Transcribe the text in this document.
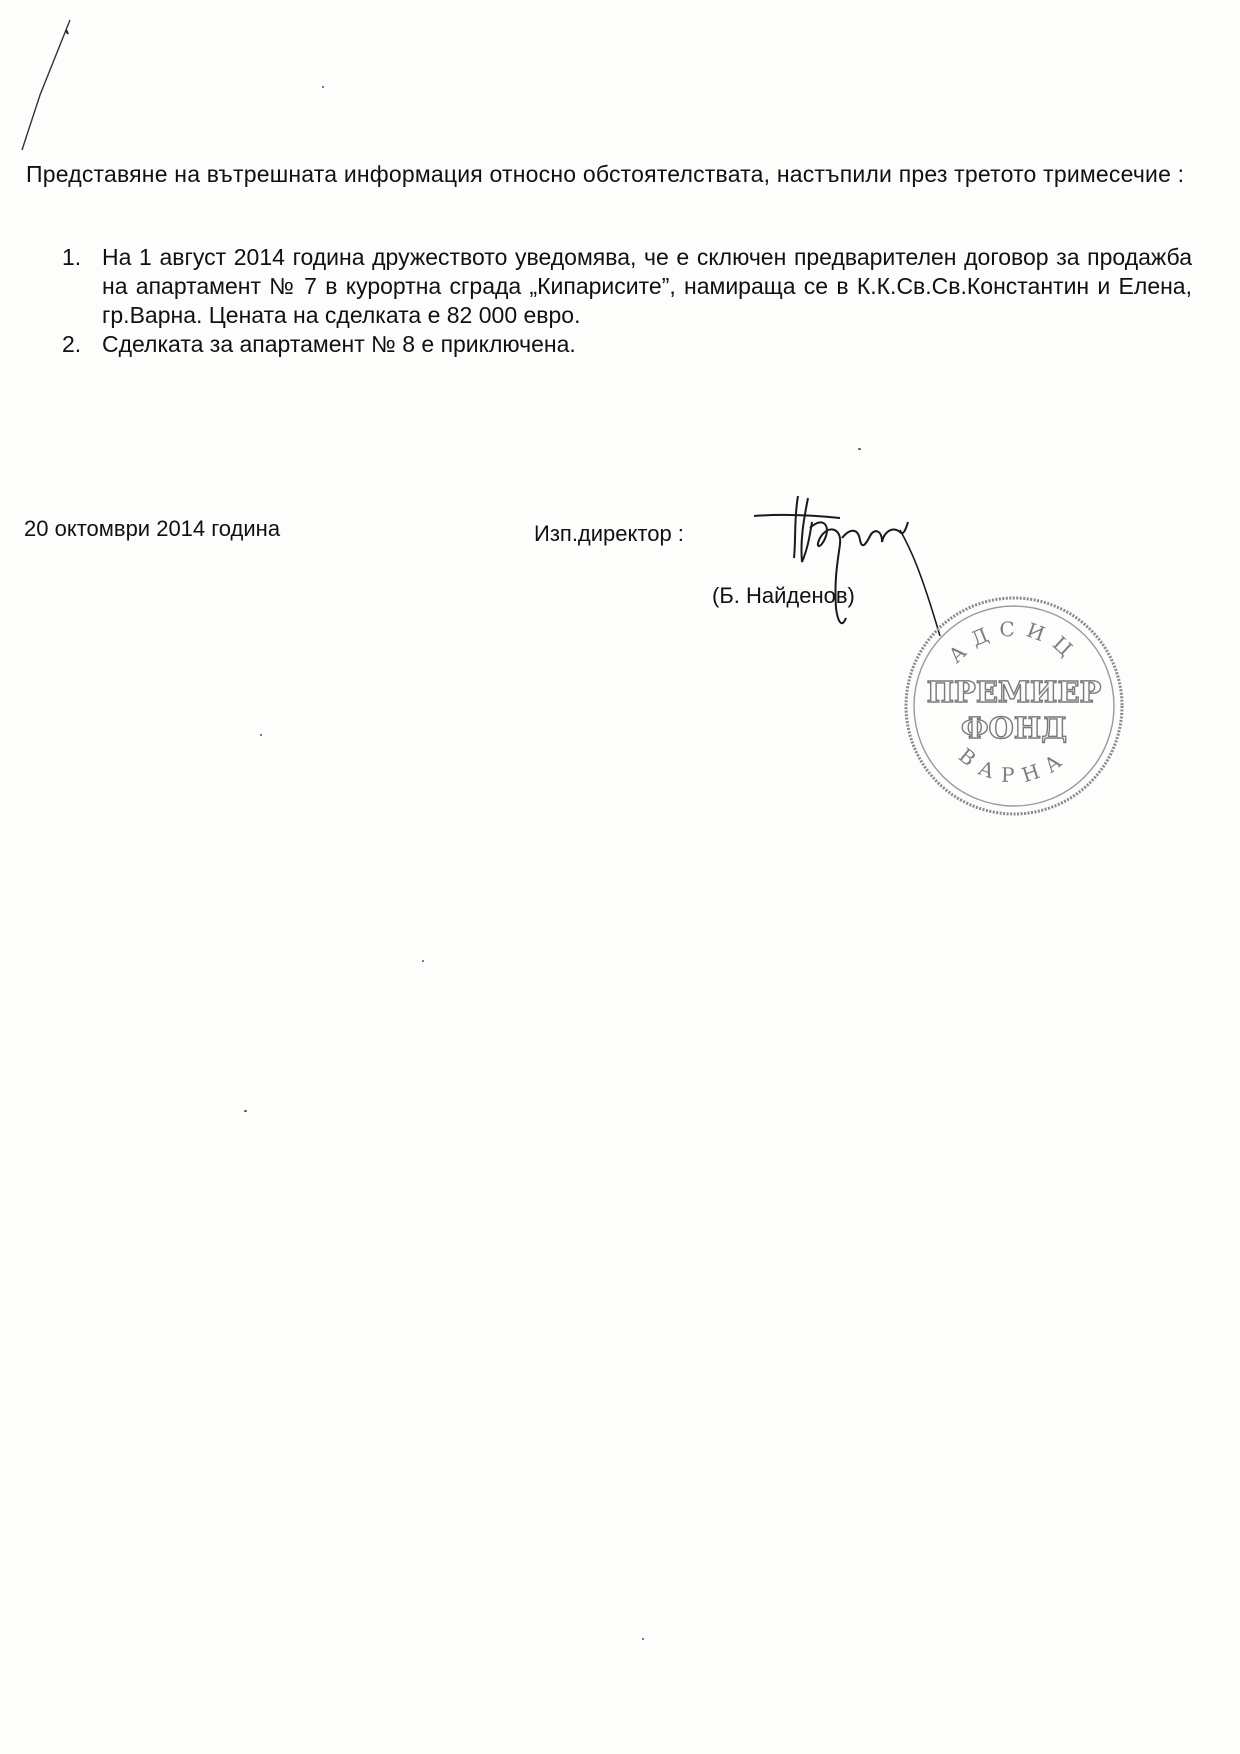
Представяне на вътрешната информация относно обстоятелствата, настъпили през третото тримесечие :
1. На 1 август 2014 година дружеството уведомява, че е сключен предварителен договор за продажба на апартамент № 7 в курортна сграда „Кипарисите”, намираща се в К.К.Св.Св.Константин и Елена, гр.Варна. Цената на сделката е 82 000 евро.
2. Сделката за апартамент № 8 е приключена.
20 октомври 2014 година	Изп.директор :
(Б. Найденов)
АДСИЦ
ПРЕМИЕР
ФОНД
ВАРНА
